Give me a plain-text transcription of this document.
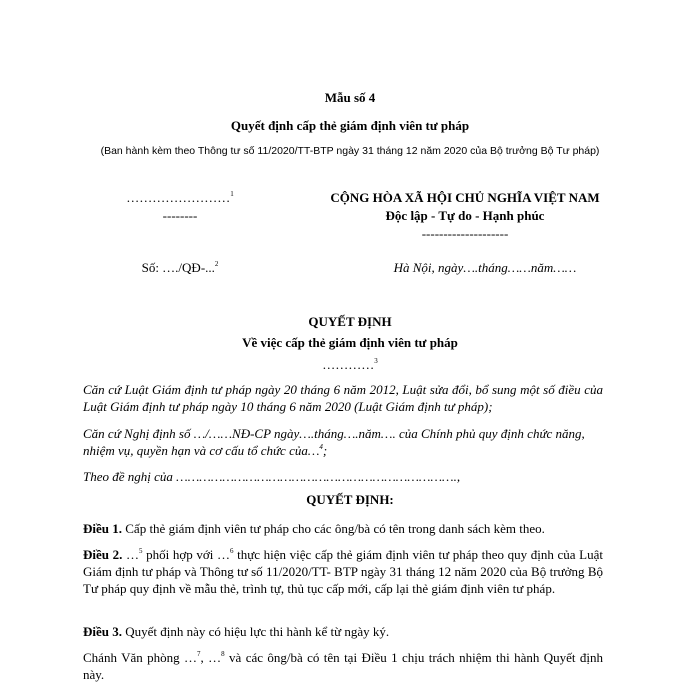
Mẫu số 4
Quyết định cấp thẻ giám định viên tư pháp
(Ban hành kèm theo Thông tư số 11/2020/TT-BTP ngày 31 tháng 12 năm 2020 của Bộ trưởng Bộ Tư pháp)
……………………$^1$
--------
CỘNG HÒA XÃ HỘI CHỦ NGHĨA VIỆT NAM
Độc lập - Tự do - Hạnh phúc
--------------------
Số: …./QĐ-...$^2$	Hà Nội, ngày….tháng……năm……
QUYẾT ĐỊNH
Về việc cấp thẻ giám định viên tư pháp
…………$^3$
Căn cứ Luật Giám định tư pháp ngày 20 tháng 6 năm 2012, Luật sửa đổi, bổ sung một số điều của Luật Giám định tư pháp ngày 10 tháng 6 năm 2020 (Luật Giám định tư pháp);
Căn cứ Nghị định số …/……NĐ-CP ngày….tháng….năm…. của Chính phủ quy định chức năng, nhiệm vụ, quyền hạn và cơ cấu tổ chức của…$^4$;
Theo đề nghị của ……………………………………………………………….,
QUYẾT ĐỊNH:
Điều 1. Cấp thẻ giám định viên tư pháp cho các ông/bà có tên trong danh sách kèm theo.
Điều 2. …$^5$ phối hợp với …$^6$ thực hiện việc cấp thẻ giám định viên tư pháp theo quy định của Luật Giám định tư pháp và Thông tư số 11/2020/TT- BTP ngày 31 tháng 12 năm 2020 của Bộ trưởng Bộ Tư pháp quy định về mẫu thẻ, trình tự, thủ tục cấp mới, cấp lại thẻ giám định viên tư pháp.
Điều 3. Quyết định này có hiệu lực thi hành kể từ ngày ký.
Chánh Văn phòng …$^7$, …$^8$ và các ông/bà có tên tại Điều 1 chịu trách nhiệm thi hành Quyết định này.
